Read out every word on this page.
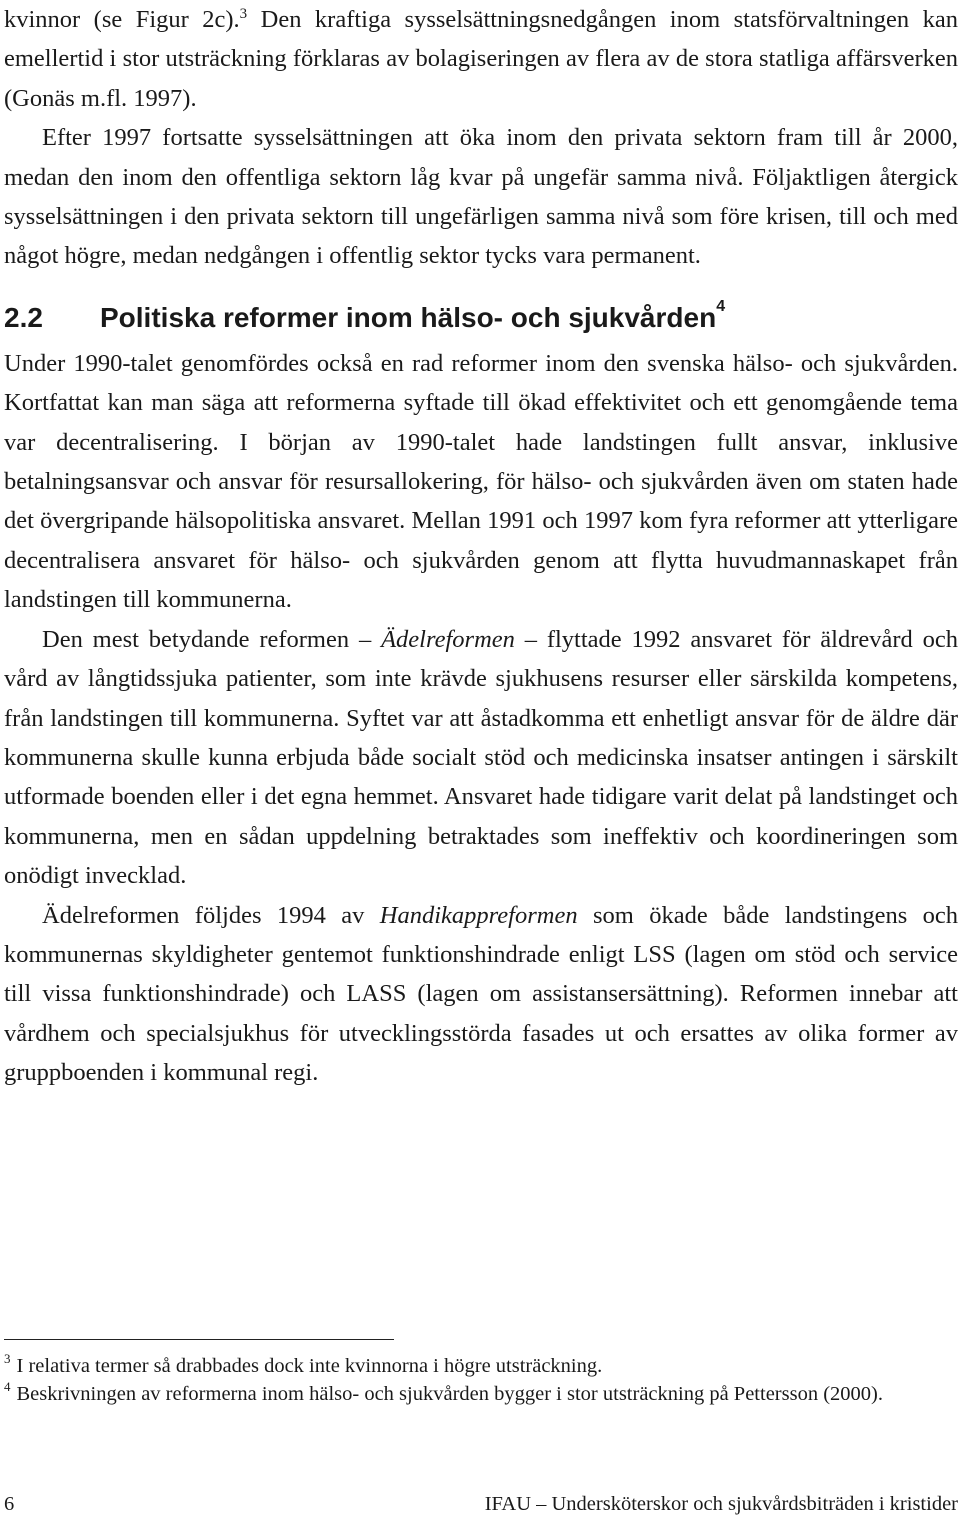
kvinnor (se Figur 2c).$^3$ Den kraftiga sysselsättningsnedgången inom statsförvaltningen kan emellertid i stor utsträckning förklaras av bolagiseringen av flera av de stora statliga affärsverken (Gonäs m.fl. 1997).

Efter 1997 fortsatte sysselsättningen att öka inom den privata sektorn fram till år 2000, medan den inom den offentliga sektorn låg kvar på ungefär samma nivå. Följaktligen återgick sysselsättningen i den privata sektorn till ungefärligen samma nivå som före krisen, till och med något högre, medan nedgången i offentlig sektor tycks vara permanent.

2.2 Politiska reformer inom hälso- och sjukvården$^4$

Under 1990-talet genomfördes också en rad reformer inom den svenska hälso- och sjukvården. Kortfattat kan man säga att reformerna syftade till ökad effektivitet och ett genomgående tema var decentralisering. I början av 1990-talet hade landstingen fullt ansvar, inklusive betalningsansvar och ansvar för resursallokering, för hälso- och sjukvården även om staten hade det övergripande hälsopolitiska ansvaret. Mellan 1991 och 1997 kom fyra reformer att ytterligare decentralisera ansvaret för hälso- och sjukvården genom att flytta huvudmannaskapet från landstingen till kommunerna.

Den mest betydande reformen – Ädelreformen – flyttade 1992 ansvaret för äldrevård och vård av långtidssjuka patienter, som inte krävde sjukhusens resurser eller särskilda kompetens, från landstingen till kommunerna. Syftet var att åstadkomma ett enhetligt ansvar för de äldre där kommunerna skulle kunna erbjuda både socialt stöd och medicinska insatser antingen i särskilt utformade boenden eller i det egna hemmet. Ansvaret hade tidigare varit delat på landstinget och kommunerna, men en sådan uppdelning betraktades som ineffektiv och koordineringen som onödigt invecklad.

Ädelreformen följdes 1994 av Handikappreformen som ökade både landstingens och kommunernas skyldigheter gentemot funktionshindrade enligt LSS (lagen om stöd och service till vissa funktionshindrade) och LASS (lagen om assistansersättning). Reformen innebar att vårdhem och specialsjukhus för utvecklingsstörda fasades ut och ersattes av olika former av gruppboenden i kommunal regi.

$^3$ I relativa termer så drabbades dock inte kvinnorna i högre utsträckning.

$^4$ Beskrivningen av reformerna inom hälso- och sjukvården bygger i stor utsträckning på Pettersson (2000).

6	IFAU – Undersköterskor och sjukvårdsbiträden i kristider
